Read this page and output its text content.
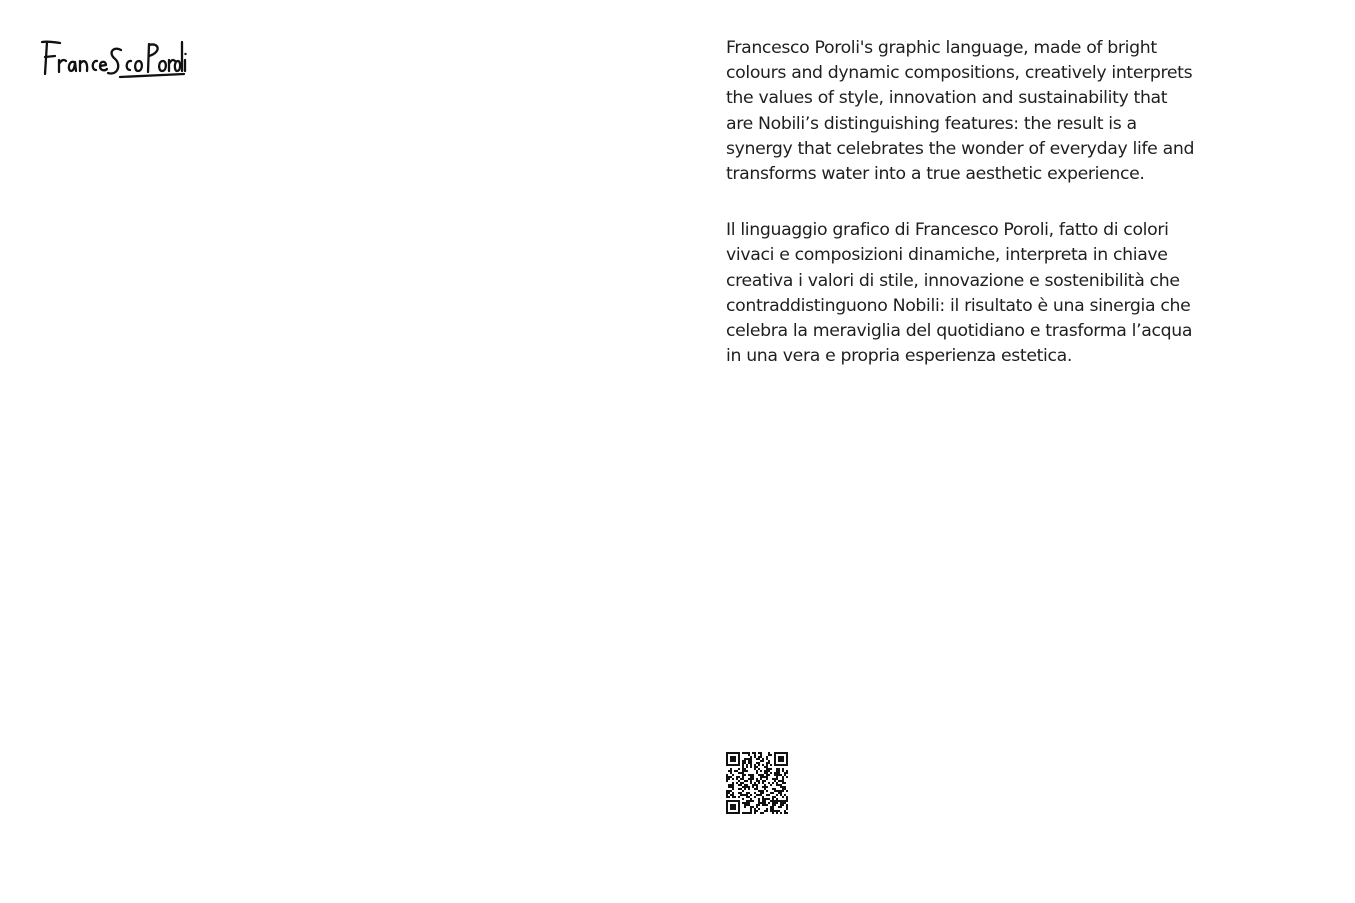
Francesco Poroli's graphic language, made of bright
colours and dynamic compositions, creatively interprets
the values of style, innovation and sustainability that
are Nobili’s distinguishing features: the result is a
synergy that celebrates the wonder of everyday life and
transforms water into a true aesthetic experience.

Il linguaggio grafico di Francesco Poroli, fatto di colori
vivaci e composizioni dinamiche, interpreta in chiave
creativa i valori di stile, innovazione e sostenibilità che
contraddistinguono Nobili: il risultato è una sinergia che
celebra la meraviglia del quotidiano e trasforma l’acqua
in una vera e propria esperienza estetica.
